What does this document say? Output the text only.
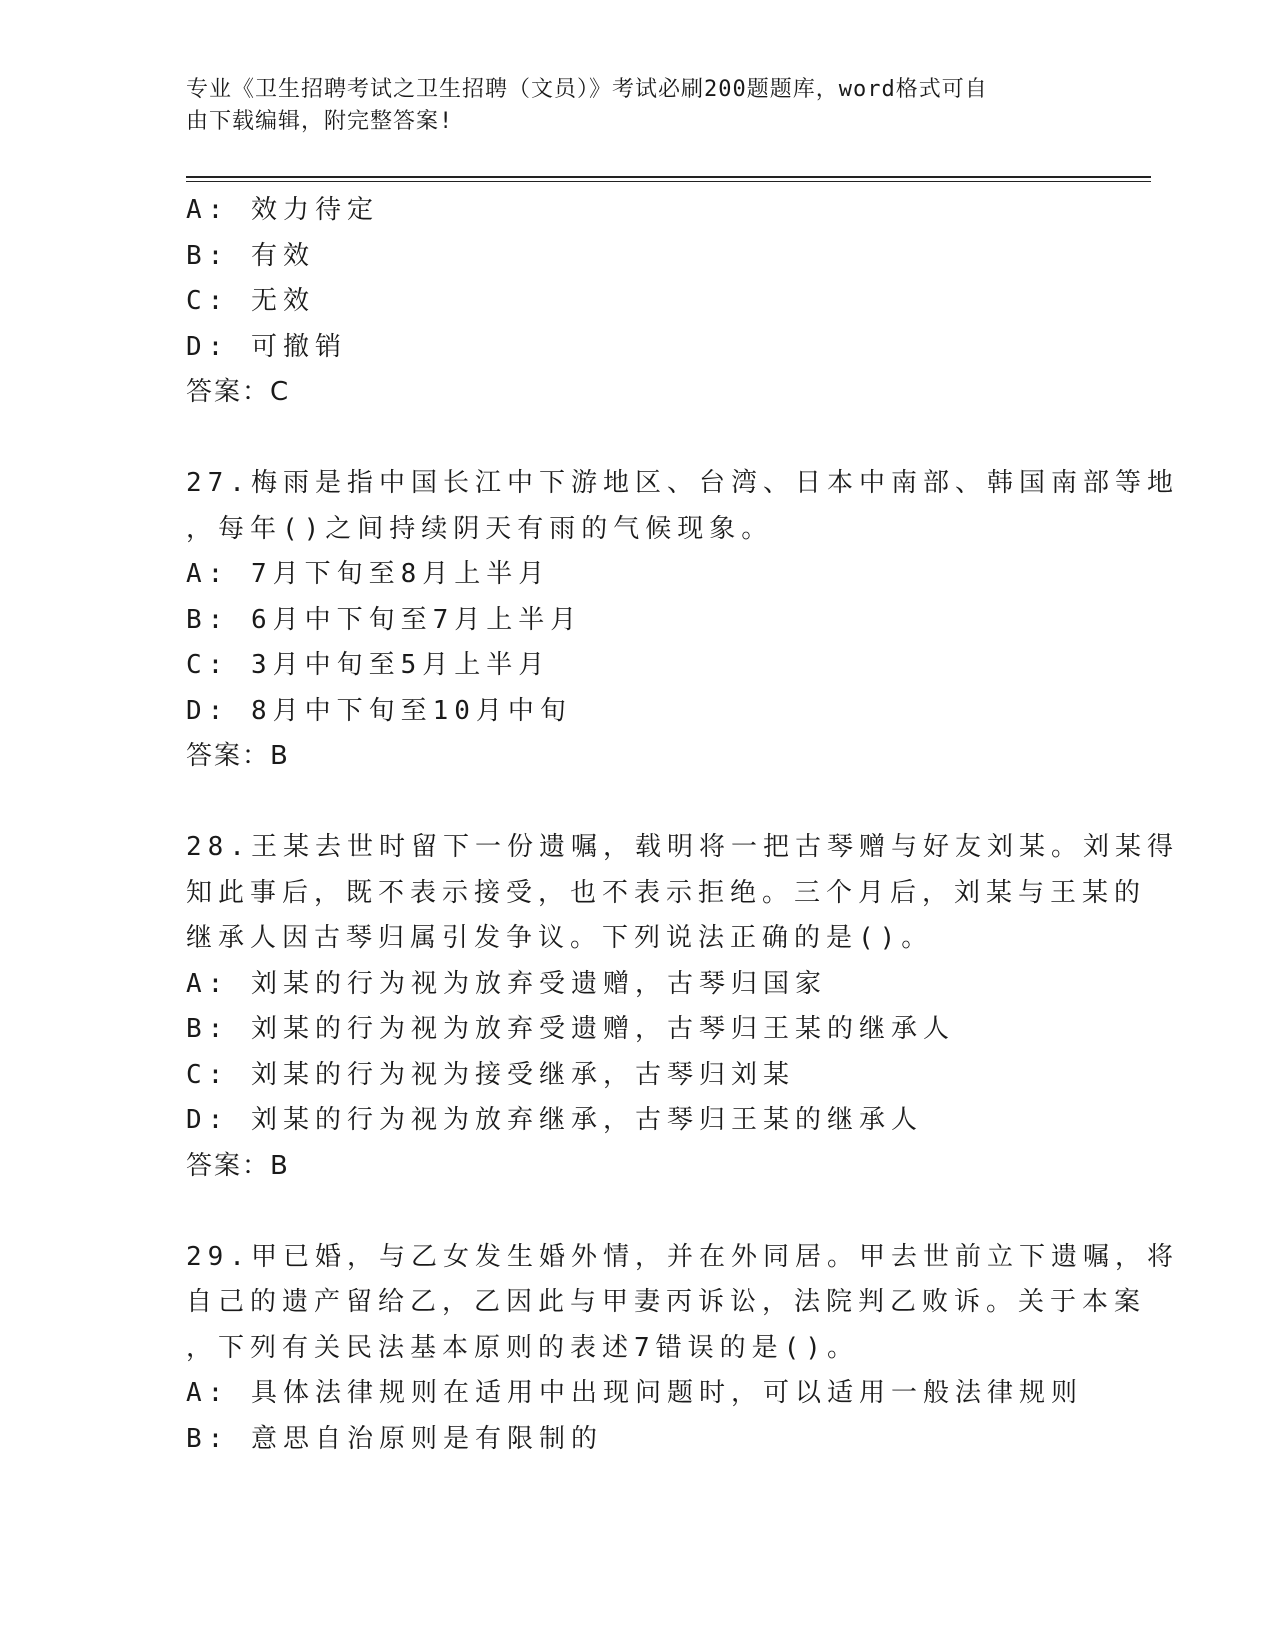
专业《卫生招聘考试之卫生招聘（文员）》考试必刷200题题库，word格式可自
由下载编辑，附完整答案!
A: 效力待定
B: 有效
C: 无效
D: 可撤销
答案：C
27.梅雨是指中国长江中下游地区、台湾、日本中南部、韩国南部等地
，每年()之间持续阴天有雨的气候现象。
A: 7月下旬至8月上半月
B: 6月中下旬至7月上半月
C: 3月中旬至5月上半月
D: 8月中下旬至10月中旬
答案：B
28.王某去世时留下一份遗嘱，载明将一把古琴赠与好友刘某。刘某得
知此事后，既不表示接受，也不表示拒绝。三个月后，刘某与王某的
继承人因古琴归属引发争议。下列说法正确的是()。
A: 刘某的行为视为放弃受遗赠，古琴归国家
B: 刘某的行为视为放弃受遗赠，古琴归王某的继承人
C: 刘某的行为视为接受继承，古琴归刘某
D: 刘某的行为视为放弃继承，古琴归王某的继承人
答案：B
29.甲已婚，与乙女发生婚外情，并在外同居。甲去世前立下遗嘱，将
自己的遗产留给乙，乙因此与甲妻丙诉讼，法院判乙败诉。关于本案
，下列有关民法基本原则的表述7错误的是()。
A: 具体法律规则在适用中出现问题时，可以适用一般法律规则
B: 意思自治原则是有限制的
